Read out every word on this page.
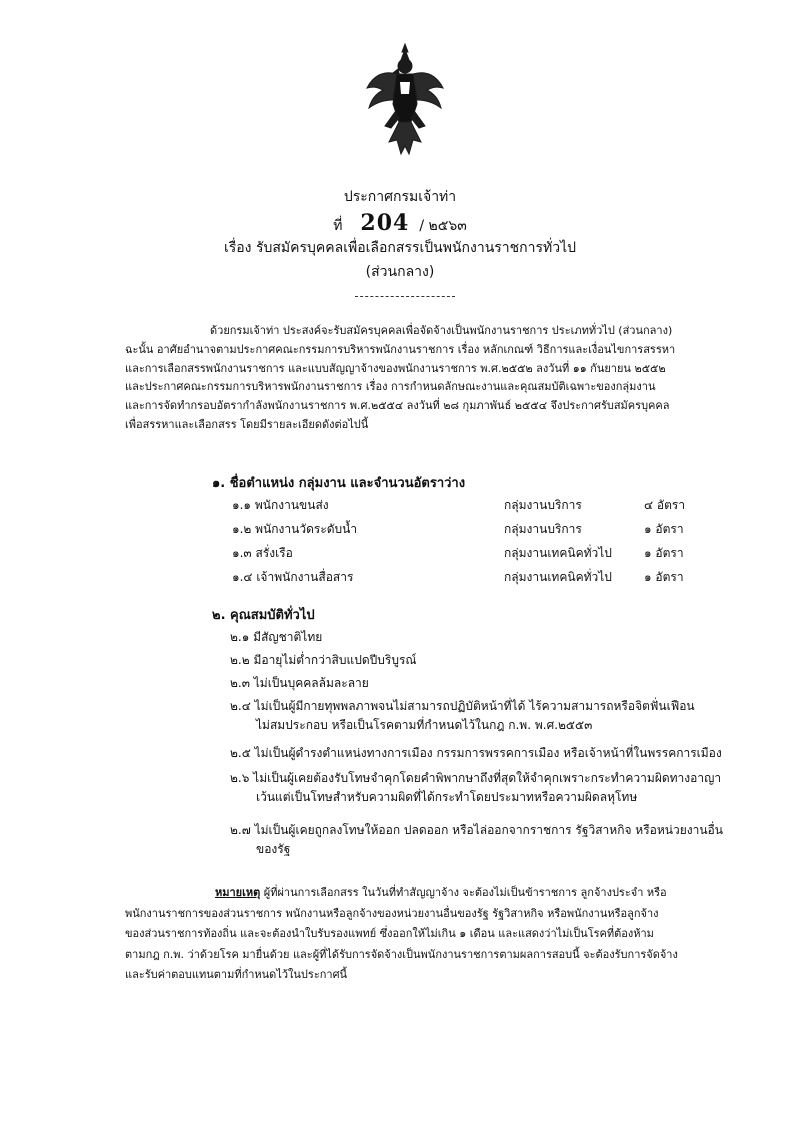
ประกาศกรมเจ้าท่า
ที่ 204 / ๒๕๖๓
เรื่อง รับสมัครบุคคลเพื่อเลือกสรรเป็นพนักงานราชการทั่วไป
(ส่วนกลาง)
ด้วยกรมเจ้าท่า ประสงค์จะรับสมัครบุคคลเพื่อจัดจ้างเป็นพนักงานราชการ ประเภททั่วไป (ส่วนกลาง)
ฉะนั้น อาศัยอำนาจตามประกาศคณะกรรมการบริหารพนักงานราชการ เรื่อง หลักเกณฑ์ วิธีการและเงื่อนไขการสรรหา
และการเลือกสรรพนักงานราชการ และแบบสัญญาจ้างของพนักงานราชการ พ.ศ.๒๕๕๒ ลงวันที่ ๑๑ กันยายน ๒๕๕๒
และประกาศคณะกรรมการบริหารพนักงานราชการ เรื่อง การกำหนดลักษณะงานและคุณสมบัติเฉพาะของกลุ่มงาน
และการจัดทำกรอบอัตรากำลังพนักงานราชการ พ.ศ.๒๕๕๔ ลงวันที่ ๒๘ กุมภาพันธ์ ๒๕๕๔ จึงประกาศรับสมัครบุคคล
เพื่อสรรหาและเลือกสรร โดยมีรายละเอียดดังต่อไปนี้
๑. ชื่อตำแหน่ง กลุ่มงาน และจำนวนอัตราว่าง
๑.๑ พนักงานขนส่ง	กลุ่มงานบริการ	๔ อัตรา
๑.๒ พนักงานวัดระดับน้ำ	กลุ่มงานบริการ	๑ อัตรา
๑.๓ สรั่งเรือ	กลุ่มงานเทคนิคทั่วไป	๑ อัตรา
๑.๔ เจ้าพนักงานสื่อสาร	กลุ่มงานเทคนิคทั่วไป	๑ อัตรา
๒. คุณสมบัติทั่วไป
๒.๑ มีสัญชาติไทย
๒.๒ มีอายุไม่ต่ำกว่าสิบแปดปีบริบูรณ์
๒.๓ ไม่เป็นบุคคลล้มละลาย
๒.๔ ไม่เป็นผู้มีกายทุพพลภาพจนไม่สามารถปฏิบัติหน้าที่ได้ ไร้ความสามารถหรือจิตฟั่นเฟือน
ไม่สมประกอบ หรือเป็นโรคตามที่กำหนดไว้ในกฎ ก.พ. พ.ศ.๒๕๕๓
๒.๕ ไม่เป็นผู้ดำรงตำแหน่งทางการเมือง กรรมการพรรคการเมือง หรือเจ้าหน้าที่ในพรรคการเมือง
๒.๖ ไม่เป็นผู้เคยต้องรับโทษจำคุกโดยคำพิพากษาถึงที่สุดให้จำคุกเพราะกระทำความผิดทางอาญา
เว้นแต่เป็นโทษสำหรับความผิดที่ได้กระทำโดยประมาทหรือความผิดลหุโทษ
๒.๗ ไม่เป็นผู้เคยถูกลงโทษให้ออก ปลดออก หรือไล่ออกจากราชการ รัฐวิสาหกิจ หรือหน่วยงานอื่น
ของรัฐ
หมายเหตุ ผู้ที่ผ่านการเลือกสรร ในวันที่ทำสัญญาจ้าง จะต้องไม่เป็นข้าราชการ ลูกจ้างประจำ หรือ
พนักงานราชการของส่วนราชการ พนักงานหรือลูกจ้างของหน่วยงานอื่นของรัฐ รัฐวิสาหกิจ หรือพนักงานหรือลูกจ้าง
ของส่วนราชการท้องถิ่น และจะต้องนำใบรับรองแพทย์ ซึ่งออกให้ไม่เกิน ๑ เดือน และแสดงว่าไม่เป็นโรคที่ต้องห้าม
ตามกฎ ก.พ. ว่าด้วยโรค มายื่นด้วย และผู้ที่ได้รับการจัดจ้างเป็นพนักงานราชการตามผลการสอบนี้ จะต้องรับการจัดจ้าง
และรับค่าตอบแทนตามที่กำหนดไว้ในประกาศนี้
